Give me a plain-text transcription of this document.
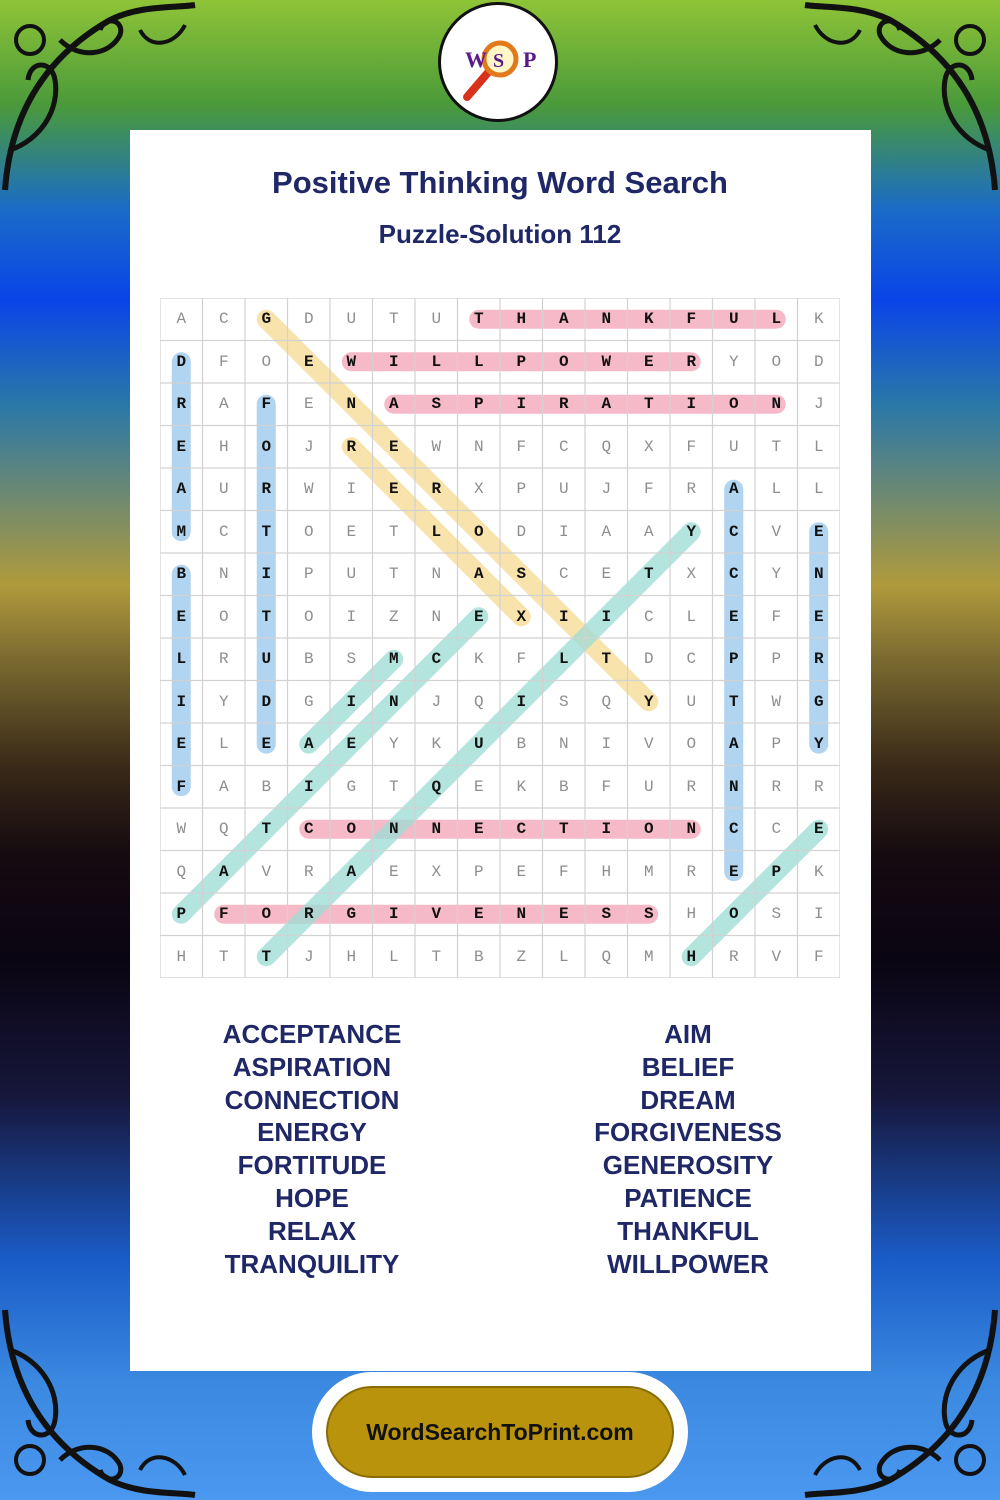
W S P
Positive Thinking Word Search
Puzzle-Solution 112
A	C	G	D	U	T	U	T	H	A	N	K	F	U	L	K
D	F	O	E	W	I	L	L	P	O	W	E	R	Y	O	D
R	A	F	E	N	A	S	P	I	R	A	T	I	O	N	J
E	H	O	J	R	E	W	N	F	C	Q	X	F	U	T	L
A	U	R	W	I	E	R	X	P	U	J	F	R	A	L	L
M	C	T	O	E	T	L	O	D	I	A	A	Y	C	V	E
B	N	I	P	U	T	N	A	S	C	E	T	X	C	Y	N
E	O	T	O	I	Z	N	E	X	I	I	C	L	E	F	E
L	R	U	B	S	M	C	K	F	L	T	D	C	P	P	R
I	Y	D	G	I	N	J	Q	I	S	Q	Y	U	T	W	G
E	L	E	A	E	Y	K	U	B	N	I	V	O	A	P	Y
F	A	B	I	G	T	Q	E	K	B	F	U	R	N	R	R
W	Q	T	C	O	N	N	E	C	T	I	O	N	C	C	E
Q	A	V	R	A	E	X	P	E	F	H	M	R	E	P	K
P	F	O	R	G	I	V	E	N	E	S	S	H	O	S	I
H	T	T	J	H	L	T	B	Z	L	Q	M	H	R	V	F
ACCEPTANCE
ASPIRATION
CONNECTION
ENERGY
FORTITUDE
HOPE
RELAX
TRANQUILITY
AIM
BELIEF
DREAM
FORGIVENESS
GENEROSITY
PATIENCE
THANKFUL
WILLPOWER
WordSearchToPrint.com
